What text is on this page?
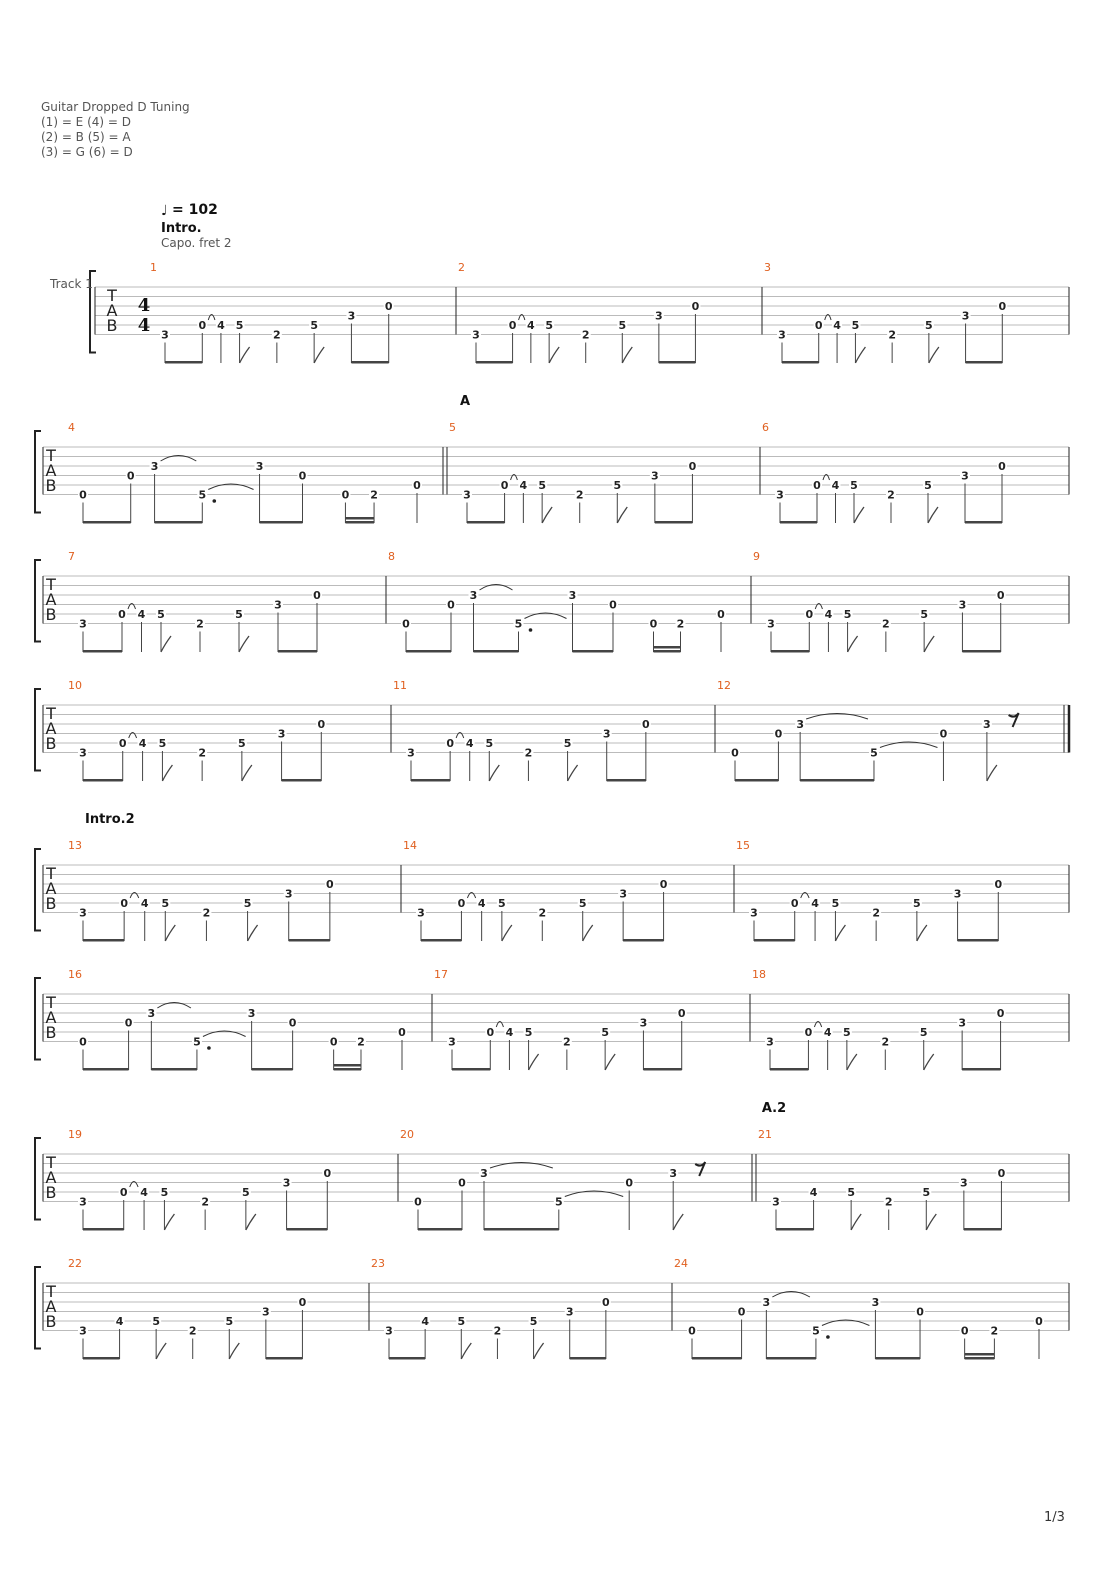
Guitar Dropped D Tuning
(1) = E (4) = D
(2) = B (5) = A
(3) = G (6) = D
T
A
B
Track 1
4
4
♩ = 102
Intro.
Capo. fret 2
1
3
0 4 5
2
5
3
0
2
3
0 4 5
2
5
3
0
3
3
0 4 5
2
5
3
0
T
A
B
4
0
0
3
5
3
0
0 2
0
5
A
3
0 4 5
2
5
3
0
6
3
0 4 5
2
5
3
0
T
A
B
7
3
0 4 5
2
5
3
0
8
0
0
3
5
3
0
0 2
0
9
3
0 4 5
2
5
3
0
T
A
B
10
3
0 4 5
2
5
3
0
11
3
0 4 5
2
5
3
0
12
0
0
3
5
0
3
T
A
B
Intro.2
13
3
0 4 5
2
5
3
0
14
3
0 4 5
2
5
3
0
15
3
0 4 5
2
5
3
0
T
A
B
16
0
0
3
5
3
0
0 2
0
17
3
0 4 5
2
5
3
0
18
3
0 4 5
2
5
3
0
T
A
B
19
3
0 4 5
2
5
3
0
20
0
0
3
5
0
3
21
A.2
3
4	5
2
5
3
0
T
A
B
22
3
4	5
2
5
3
0
23
3
4	5
2
5
3
0
24
0
0
3
5
3
0
0 2
0
1/3
